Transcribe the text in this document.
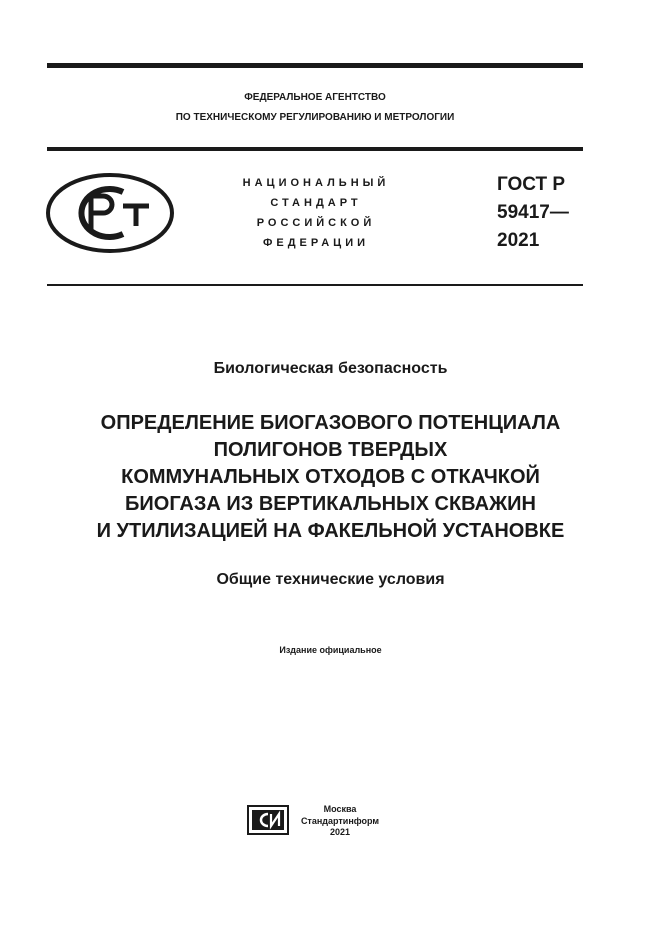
ФЕДЕРАЛЬНОЕ АГЕНТСТВО
ПО ТЕХНИЧЕСКОМУ РЕГУЛИРОВАНИЮ И МЕТРОЛОГИИ
НАЦИОНАЛЬНЫЙ
СТАНДАРТ
РОССИЙСКОЙ
ФЕДЕРАЦИИ
ГОСТ Р
59417—
2021
Биологическая безопасность
ОПРЕДЕЛЕНИЕ БИОГАЗОВОГО ПОТЕНЦИАЛА
ПОЛИГОНОВ ТВЕРДЫХ
КОММУНАЛЬНЫХ ОТХОДОВ С ОТКАЧКОЙ
БИОГАЗА ИЗ ВЕРТИКАЛЬНЫХ СКВАЖИН
И УТИЛИЗАЦИЕЙ НА ФАКЕЛЬНОЙ УСТАНОВКЕ
Общие технические условия
Издание официальное
Москва
Стандартинформ
2021
